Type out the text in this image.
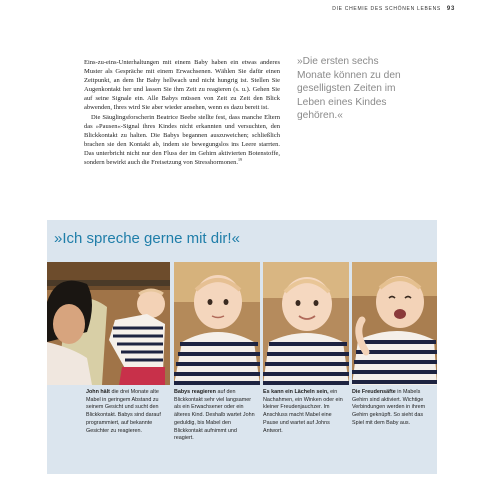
DIE CHEMIE DES SCHÖNEN LEBENS 93

Eins-zu-eins-Unterhaltungen mit einem Baby haben ein etwas anderes Muster als Gespräche mit einem Erwachsenen. Wählen Sie dafür einen Zeitpunkt, an dem Ihr Baby hellwach und nicht hungrig ist. Stellen Sie Augenkontakt her und lassen Sie ihm Zeit zu reagieren (s. u.). Gehen Sie auf seine Signale ein. Alle Babys müssen von Zeit zu Zeit den Blick abwenden, Ihres wird Sie aber wieder ansehen, wenn es dazu bereit ist.

Die Säuglingsforscherin Beatrice Beebe stellte fest, dass manche Eltern das »Pausen«-Signal ihres Kindes nicht erkannten und versuchten, den Blickkontakt zu halten. Die Babys begannen auszuweichen; schließlich brachen sie den Kontakt ab, indem sie bewegungslos ins Leere starrten. Das unterbricht nicht nur den Fluss der im Gehirn aktivierten Botenstoffe, sondern bewirkt auch die Freisetzung von Stresshormonen.$^{19}$

»Die ersten sechs Monate können zu den geselligsten Zeiten im Leben eines Kindes gehören.«
»Ich spreche gerne mit dir!«
John hält die drei Monate alte Mabel in geringem Abstand zu seinem Gesicht und sucht den Blickkontakt. Babys sind darauf programmiert, auf bekannte Gesichter zu reagieren.
Babys reagieren auf den Blickkontakt sehr viel langsamer als ein Erwachsener oder ein älteres Kind. Deshalb wartet John geduldig, bis Mabel den Blickkontakt aufnimmt und reagiert.
Es kann ein Lächeln sein, ein Nachahmen, ein Winken oder ein kleiner Freudenjauchzer. Im Anschluss macht Mabel eine Pause und wartet auf Johns Antwort.
Die Freudensäfte in Mabels Gehirn sind aktiviert. Wichtige Verbindungen werden in ihrem Gehirn geknüpft. So sieht das Spiel mit dem Baby aus.
